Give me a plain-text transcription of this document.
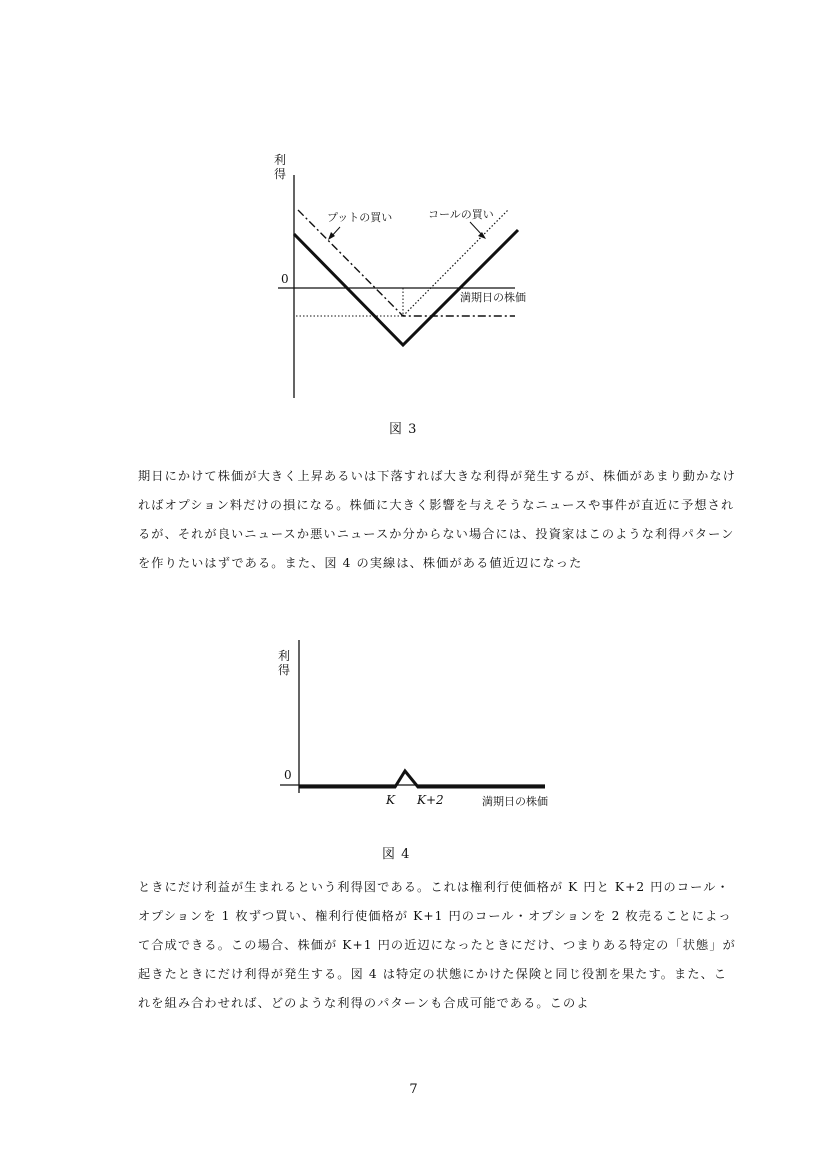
利
得
0
満期日の株価
プットの買い	コールの買い
図 3

期日にかけて株価が大きく上昇あるいは下落すれば大きな利得が発生するが、株価があまり動かなければオプション料だけの損になる。株価に大きく影響を与えそうなニュースや事件が直近に予想されるが、それが良いニュースか悪いニュースか分からない場合には、投資家はこのような利得パターンを作りたいはずである。また、図 4 の実線は、株価がある値近辺になった

利
得
0
K K+2	満期日の株価
図 4

ときにだけ利益が生まれるという利得図である。これは権利行使価格が K 円と K+2 円のコール・オプションを 1 枚ずつ買い、権利行使価格が K+1 円のコール・オプションを 2 枚売ることによって合成できる。この場合、株価が K+1 円の近辺になったときにだけ、つまりある特定の「状態」が起きたときにだけ利得が発生する。図 4 は特定の状態にかけた保険と同じ役割を果たす。また、これを組み合わせれば、どのような利得のパターンも合成可能である。このよ

7
